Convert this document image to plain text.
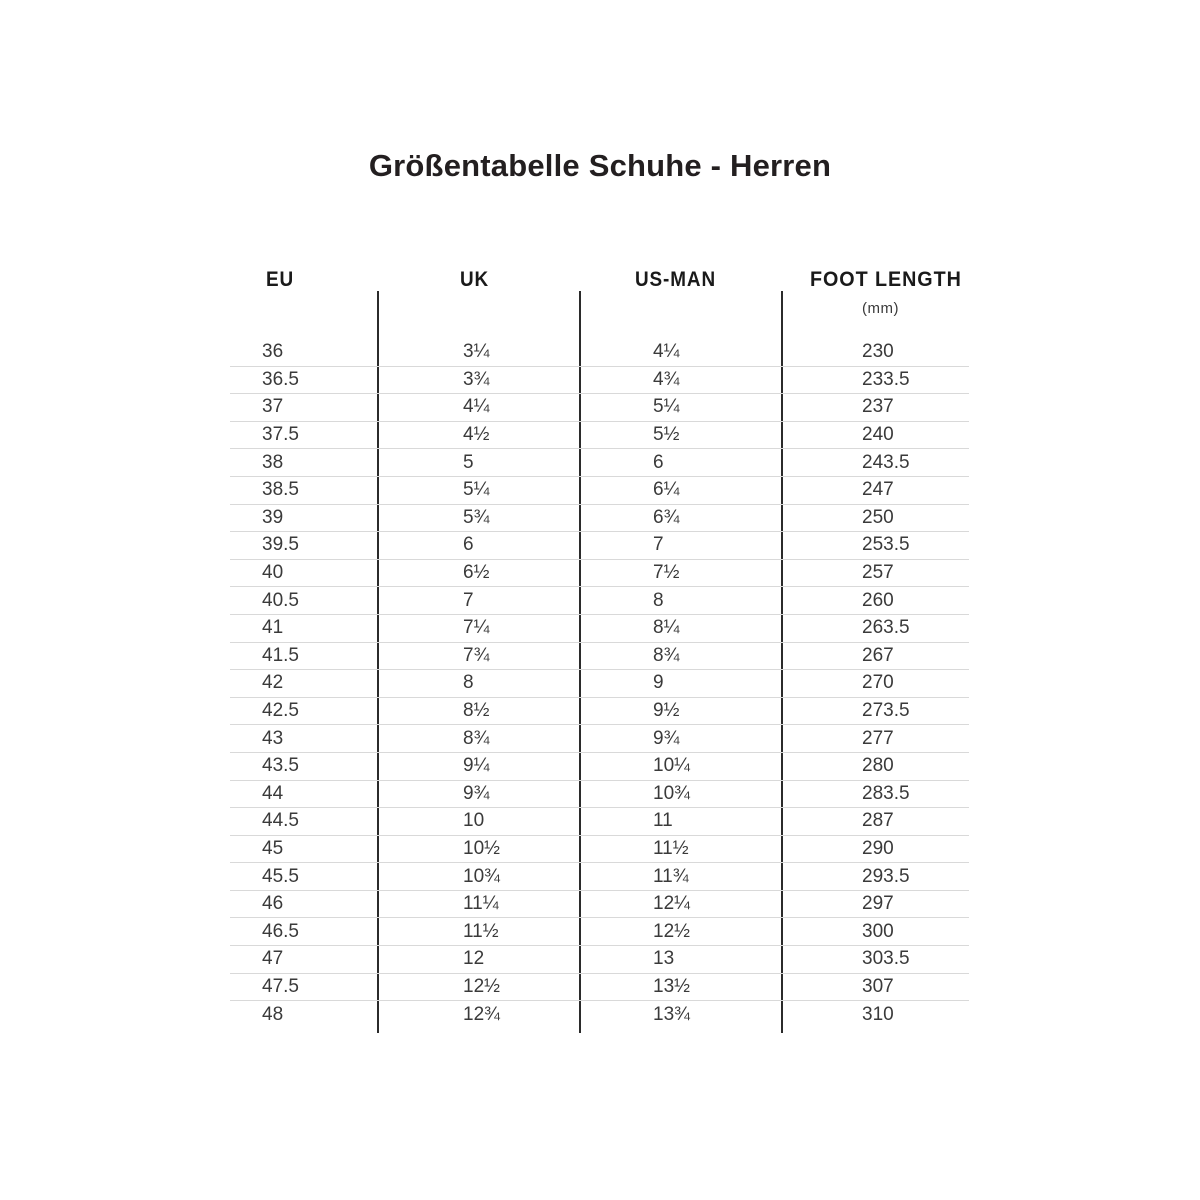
Größentabelle Schuhe - Herren
EU	UK	US-MAN	FOOT LENGTH
(mm)
36	3¼	4¼	230
36.5	3¾	4¾	233.5
37	4¼	5¼	237
37.5	4½	5½	240
38	5	6	243.5
38.5	5¼	6¼	247
39	5¾	6¾	250
39.5	6	7	253.5
40	6½	7½	257
40.5	7	8	260
41	7¼	8¼	263.5
41.5	7¾	8¾	267
42	8	9	270
42.5	8½	9½	273.5
43	8¾	9¾	277
43.5	9¼	10¼	280
44	9¾	10¾	283.5
44.5	10	11	287
45	10½	11½	290
45.5	10¾	11¾	293.5
46	11¼	12¼	297
46.5	11½	12½	300
47	12	13	303.5
47.5	12½	13½	307
48	12¾	13¾	310
